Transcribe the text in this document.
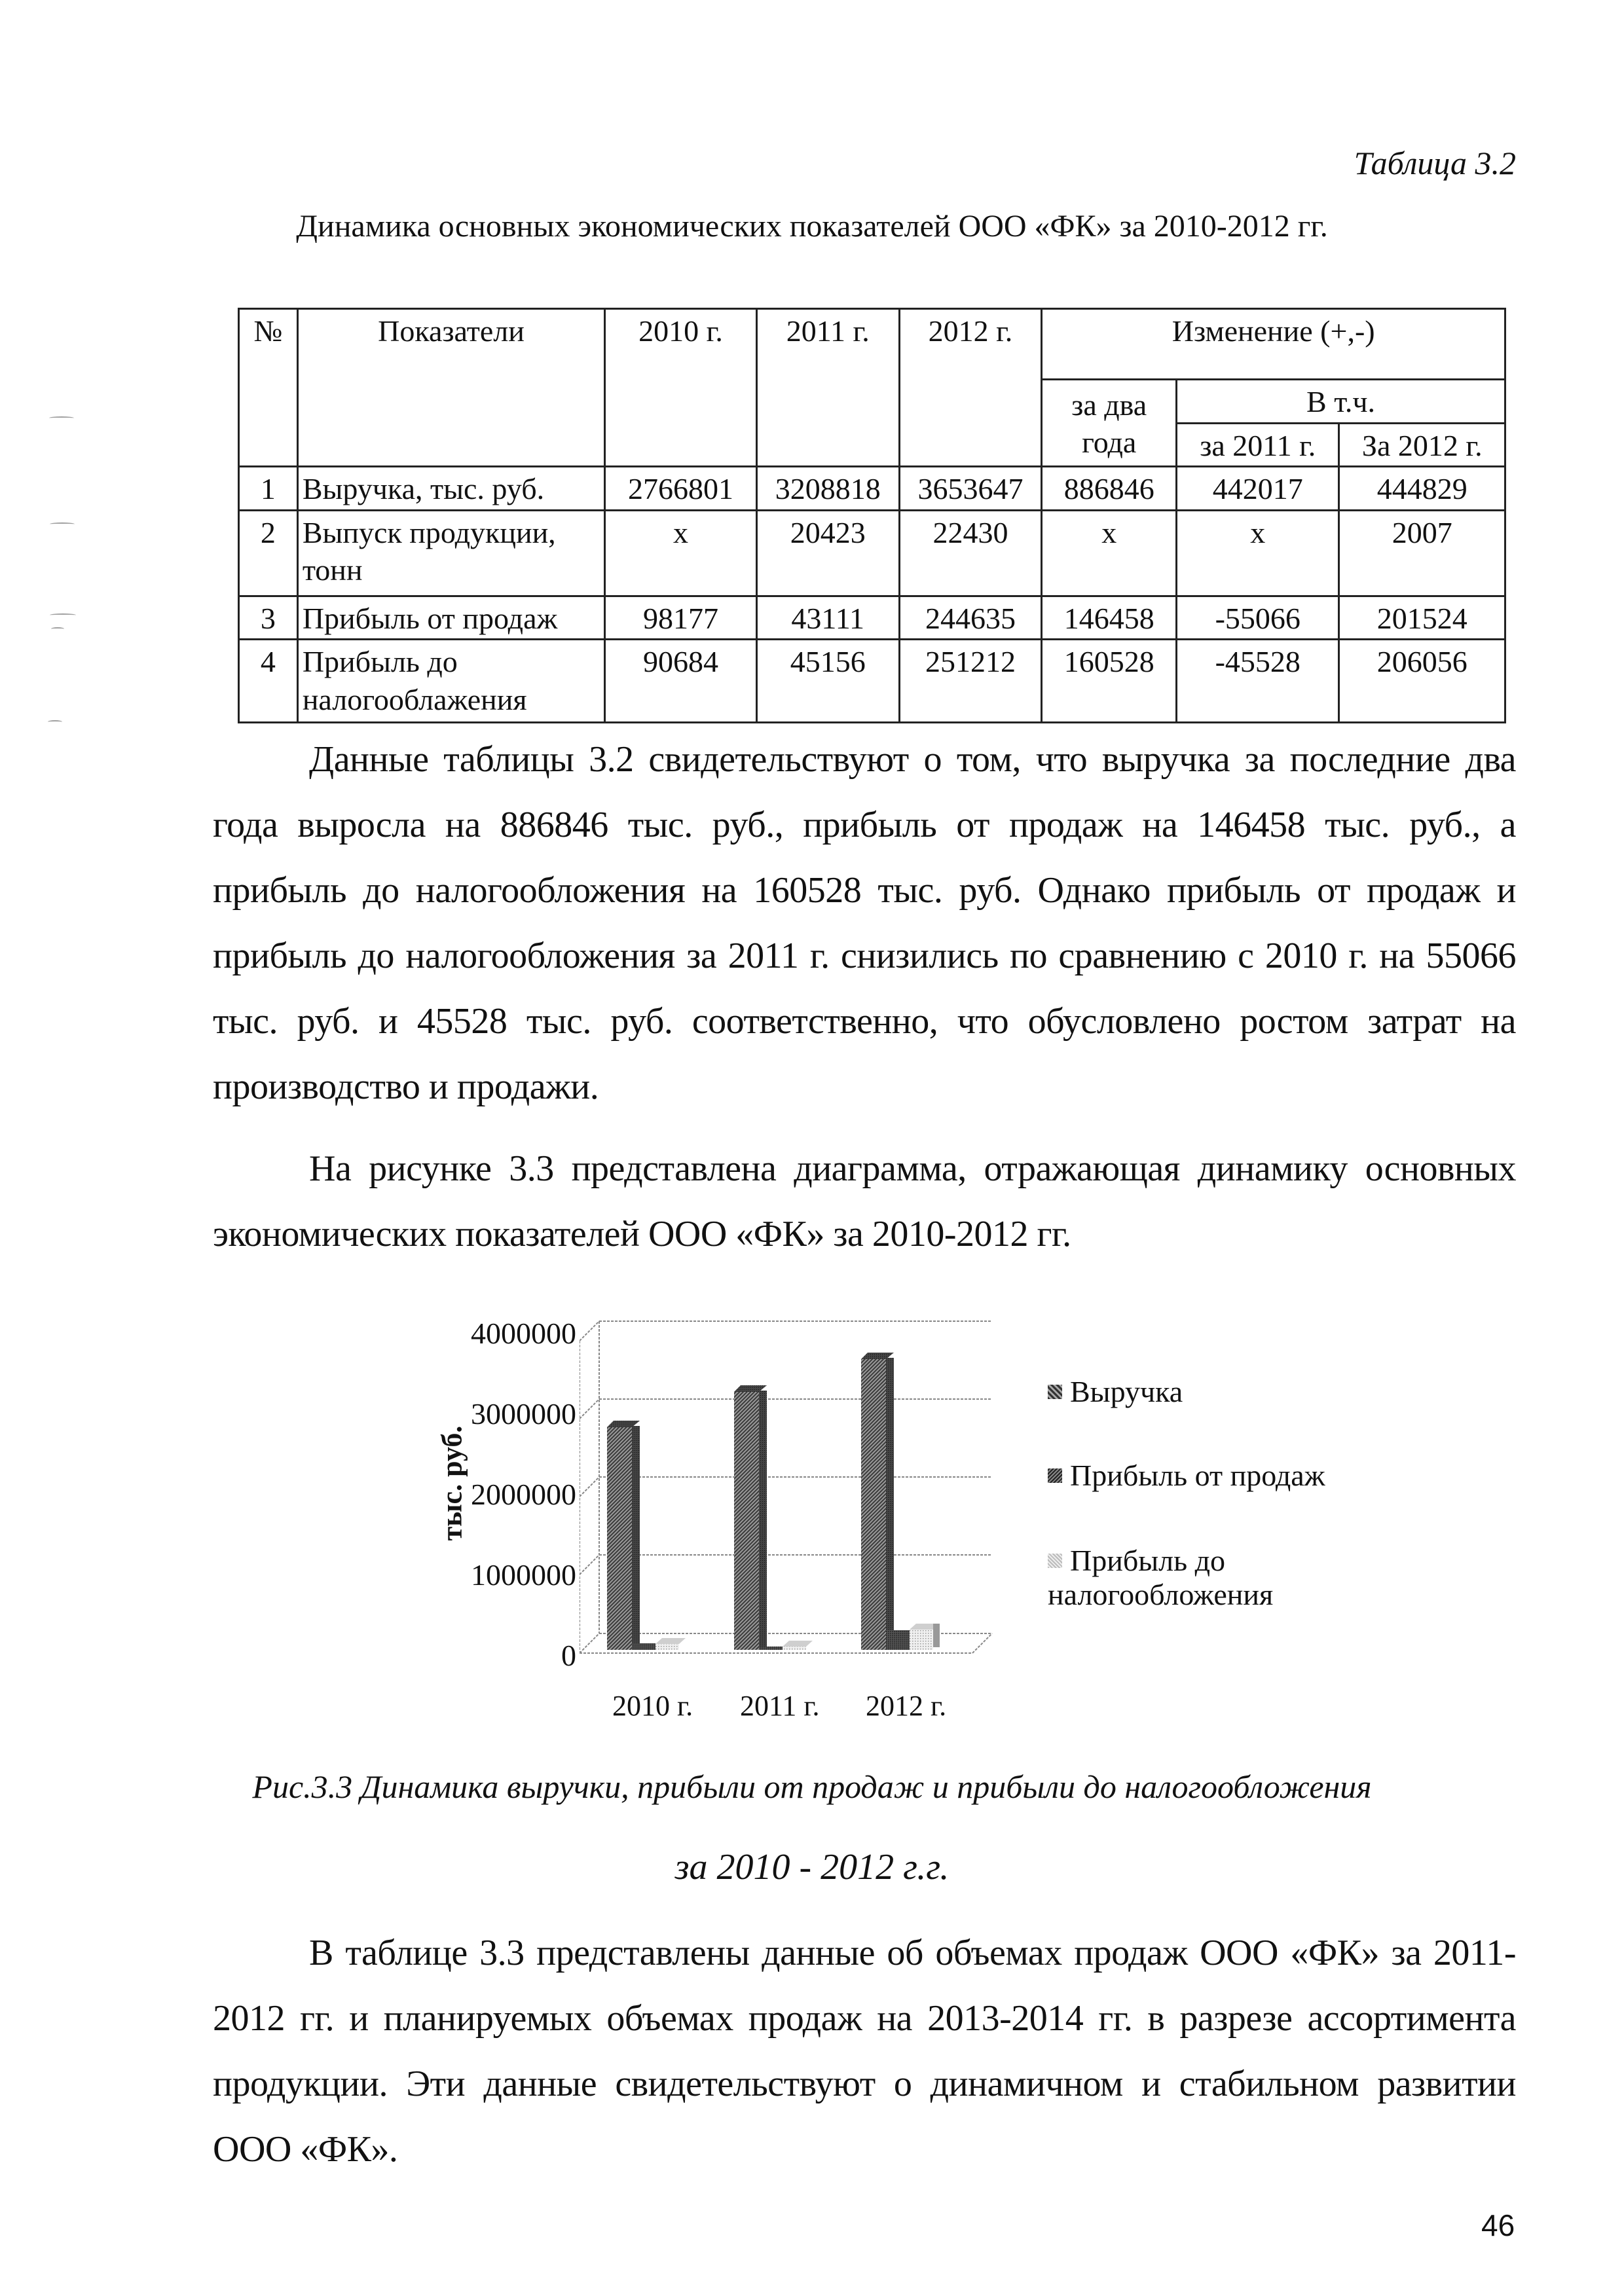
Таблица 3.2
Динамика основных экономических показателей ООО «ФК» за 2010-2012 гг.
№	Показатели	2010 г.	2011 г.	2012 г.	Изменение (+,-)		
					за два года	В т.ч.	
						за 2011 г.	За 2012 г.
1	Выручка, тыс. руб.	2766801	3208818	3653647	886846	442017	444829
2	Выпуск продукции, тонн	x	20423	22430	x	x	2007
3	Прибыль от продаж	98177	43111	244635	146458	-55066	201524
4	Прибыль до налогооблажения	90684	45156	251212	160528	-45528	206056

Данные таблицы 3.2 свидетельствуют о том, что выручка за последние два года выросла на 886846 тыс. руб., прибыль от продаж на 146458 тыс. руб., а прибыль до налогообложения на 160528 тыс. руб. Однако прибыль от продаж и прибыль до налогообложения за 2011 г. снизились по сравнению с 2010 г. на 55066 тыс. руб. и 45528 тыс. руб. соответственно, что обусловлено ростом затрат на производство и продажи.

На рисунке 3.3 представлена диаграмма, отражающая динамику основных экономических показателей ООО «ФК» за 2010-2012 гг.

тыс. руб.
4000000
3000000
2000000
1000000
0
2010 г. 2011 г. 2012 г.
Выручка
Прибыль от продаж
Прибыль до налогообложения
Рис.3.3 Динамика выручки, прибыли от продаж и прибыли до налогообложения
за 2010 - 2012 г.г.

В таблице 3.3 представлены данные об объемах продаж ООО «ФК» за 2011-2012 гг. и планируемых объемах продаж на 2013-2014 гг. в разрезе ассортимента продукции. Эти данные свидетельствуют о динамичном и стабильном развитии ООО «ФК».

46
